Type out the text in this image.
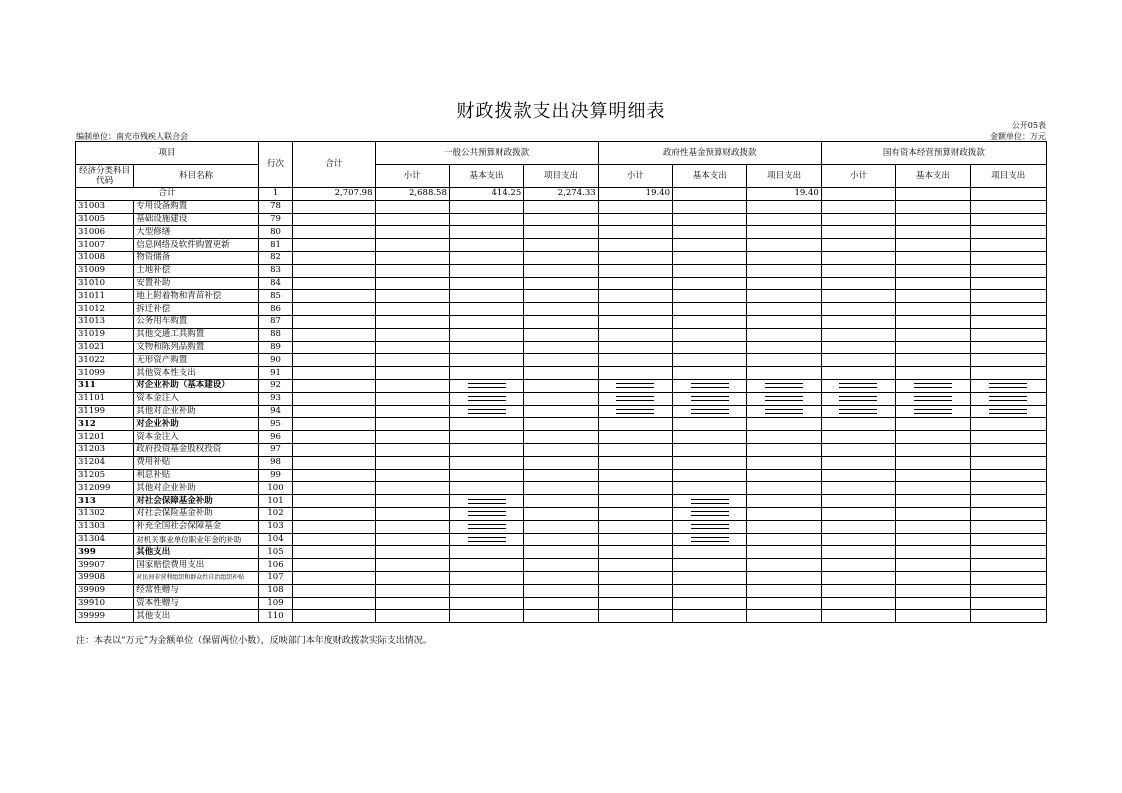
财政拨款支出决算明细表
公开05表
编制单位：南充市残疾人联合会	金额单位：万元
项目		行次	合计	一般公共预算财政拨款			政府性基金预算财政拨款			国有资本经营预算财政拨款		
经济分类科目代码	科目名称			小计	基本支出	项目支出	小计	基本支出	项目支出	小计	基本支出	项目支出
合计		1	2,707.98	2,688.58	414.25	2,274.33	19.40		19.40			
31003	专用设备购置	78										
31005	基础设施建设	79										
31006	大型修缮	80										
31007	信息网络及软件购置更新	81										
31008	物资储备	82										
31009	土地补偿	83										
31010	安置补助	84										
31011	地上附着物和青苗补偿	85										
31012	拆迁补偿	86										
31013	公务用车购置	87										
31019	其他交通工具购置	88										
31021	文物和陈列品购置	89										
31022	无形资产购置	90										
31099	其他资本性支出	91										
311	对企业补助（基本建设）	92			

31101	资本金注入	93			

31199	其他对企业补助	94			

312	对企业补助	95										
31201	资本金注入	96										
31203	政府投资基金股权投资	97										
31204	费用补贴	98										
31205	利息补贴	99										
312099	其他对企业补助	100										
313	对社会保障基金补助	101			

31302	对社会保险基金补助	102			

31303	补充全国社会保障基金	103			

31304	对机关事业单位职业年金的补助	104			

399	其他支出	105										
39907	国家赔偿费用支出	106										
39908	对民间非营利组织和群众性自治组织补贴	107										
39909	经常性赠与	108										
39910	资本性赠与	109										
39999	其他支出	110										
注：本表以“万元”为金额单位（保留两位小数），反映部门本年度财政拨款实际支出情况。
